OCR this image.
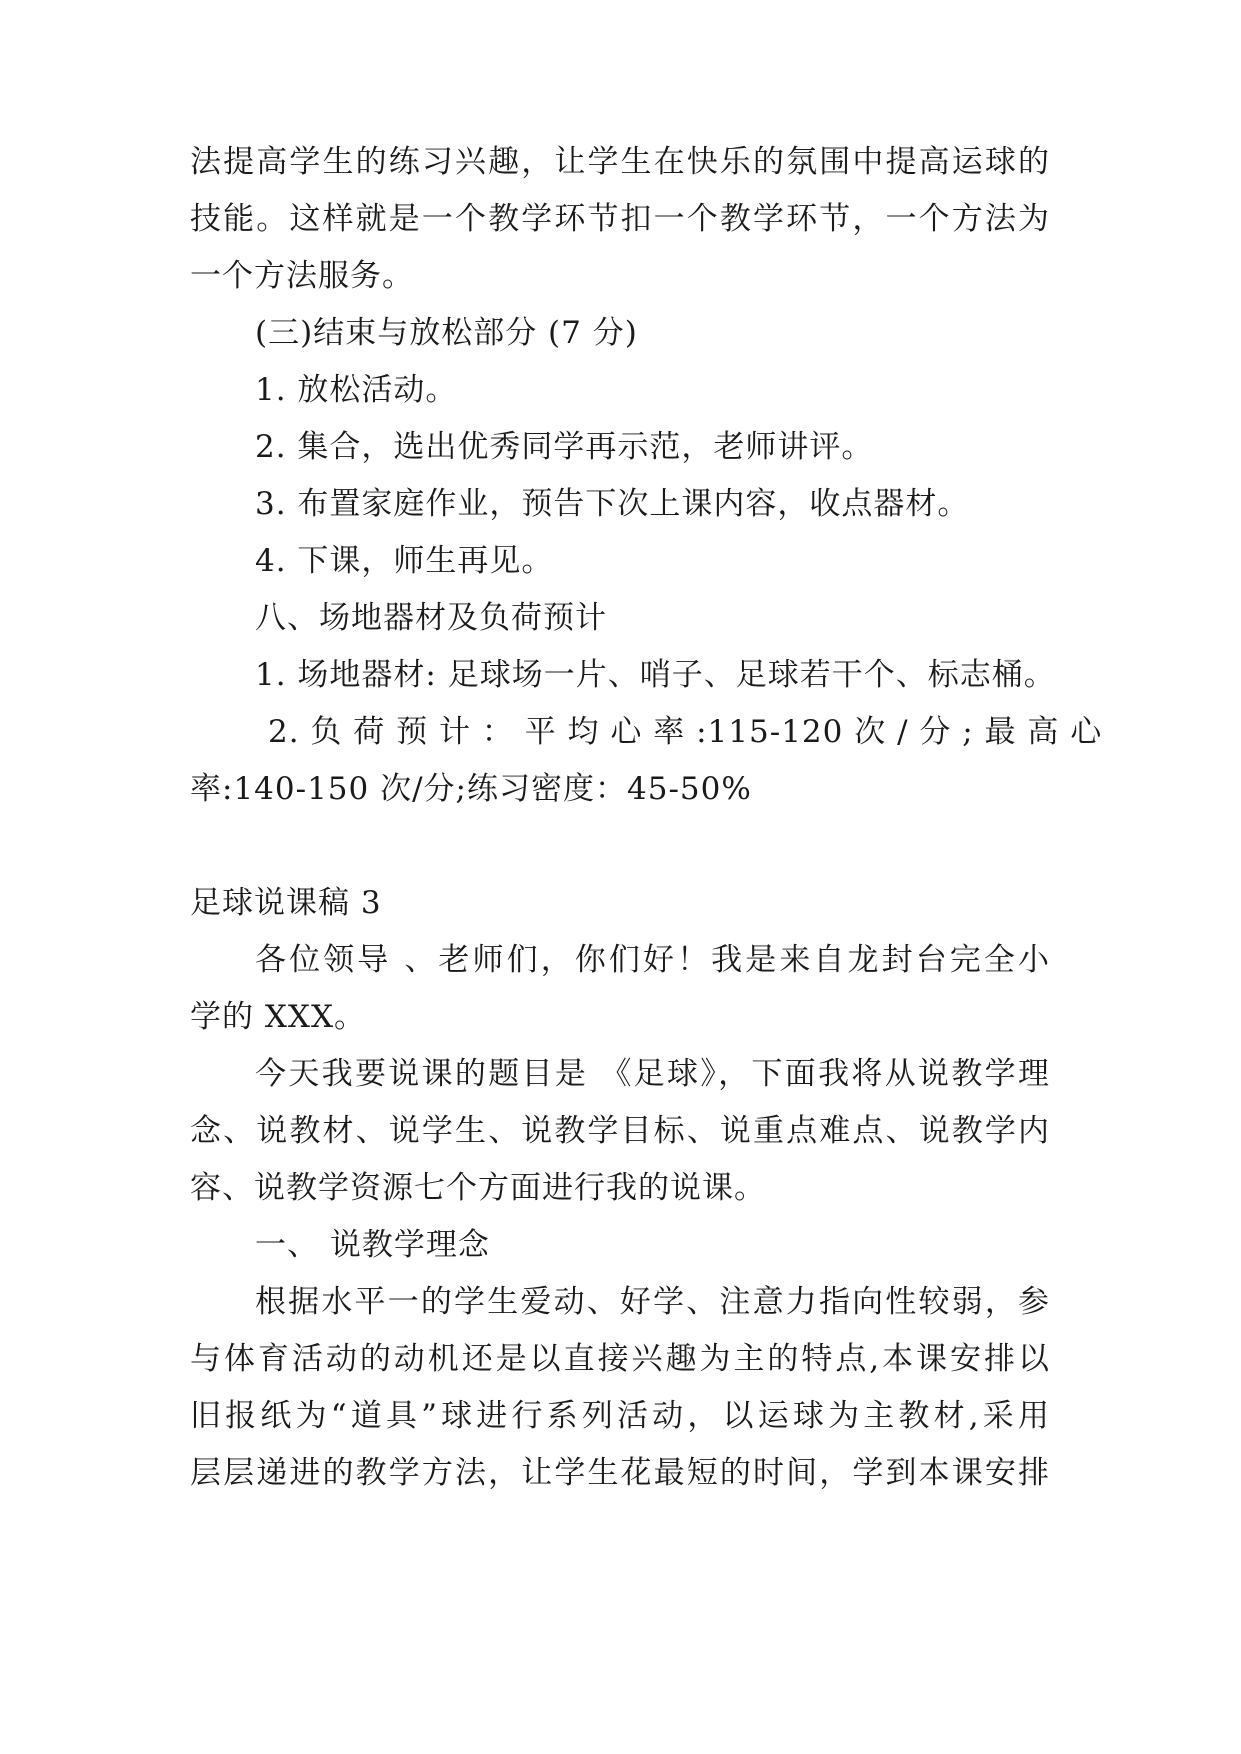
法提高学生的练习兴趣，让学生在快乐的氛围中提高运球的
技能。这样就是一个教学环节扣一个教学环节，一个方法为
一个方法服务。
(三)结束与放松部分 (7 分)
1. 放松活动。
2. 集合，选出优秀同学再示范，老师讲评。
3. 布置家庭作业，预告下次上课内容，收点器材。
4. 下课，师生再见。
八、场地器材及负荷预计
1. 场地器材: 足球场一片、哨子、足球若干个、标志桶。
2. 负 荷 预 计 ： 平 均 心 率 :115-120 次 / 分 ; 最 高 心
率:140-150 次/分;练习密度：45-50%
足球说课稿 3
各位领导 、老师们，你们好！我是来自龙封台完全小
学的 XXX。
今天我要说课的题目是 《足球》，下面我将从说教学理
念、说教材、说学生、说教学目标、说重点难点、说教学内
容、说教学资源七个方面进行我的说课。
一、 说教学理念
根据水平一的学生爱动、好学、注意力指向性较弱，参
与体育活动的动机还是以直接兴趣为主的特点,本课安排以
旧报纸为“道具”球进行系列活动，以运球为主教材,采用
层层递进的教学方法，让学生花最短的时间，学到本课安排
